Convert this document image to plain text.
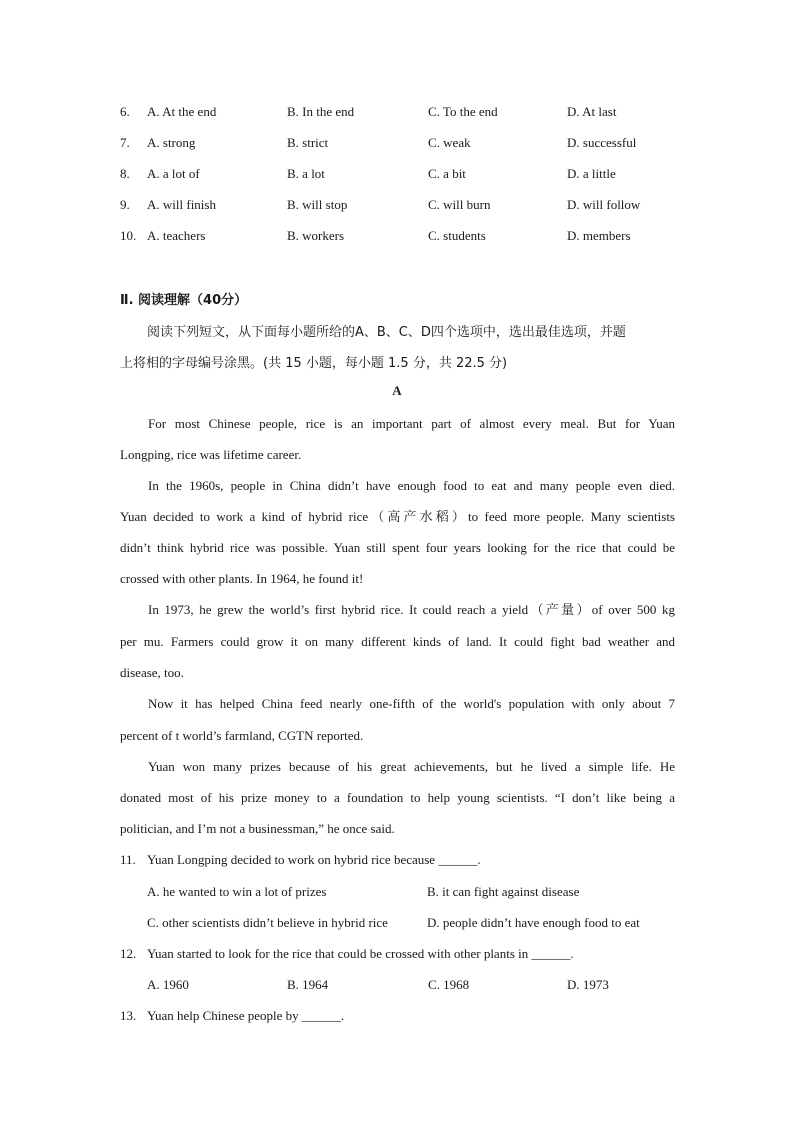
6. A. At the end	B. In the end	C. To the end	D. At last
7. A. strong	B. strict	C. weak	D. successful
8. A. a lot of	B. a lot	C. a bit	D. a little
9. A. will finish	B. will stop	C. will burn	D. will follow
10. A. teachers	B. workers	C. students	D. members
Ⅱ. 阅读理解（40分）
阅读下列短文，从下面每小题所给的A、B、C、D四个选项中，选出最佳选项，并题
上将相的字母编号涂黑。(共 15 小题，每小题 1.5 分，共 22.5 分)
A
For most Chinese people, rice is an important part of almost every meal. But for Yuan
Longping, rice was lifetime career.
In the 1960s, people in China didn’t have enough food to eat and many people even died.
Yuan decided to work a kind of hybrid rice（高产水稻）to feed more people. Many scientists
didn’t think hybrid rice was possible. Yuan still spent four years looking for the rice that could be
crossed with other plants. In 1964, he found it!
In 1973, he grew the world’s first hybrid rice. It could reach a yield（产量）of over 500 kg
per mu. Farmers could grow it on many different kinds of land. It could fight bad weather and
disease, too.
Now it has helped China feed nearly one-fifth of the world's population with only about 7
percent of t world’s farmland, CGTN reported.
Yuan won many prizes because of his great achievements, but he lived a simple life. He
donated most of his prize money to a foundation to help young scientists. “I don’t like being a
politician, and I’m not a businessman,” he once said.
11. Yuan Longping decided to work on hybrid rice because ______.
A. he wanted to win a lot of prizes	B. it can fight against disease
C. other scientists didn’t believe in hybrid rice	D. people didn’t have enough food to eat
12. Yuan started to look for the rice that could be crossed with other plants in ______.
A. 1960	B. 1964	C. 1968	D. 1973
13. Yuan help Chinese people by ______.
